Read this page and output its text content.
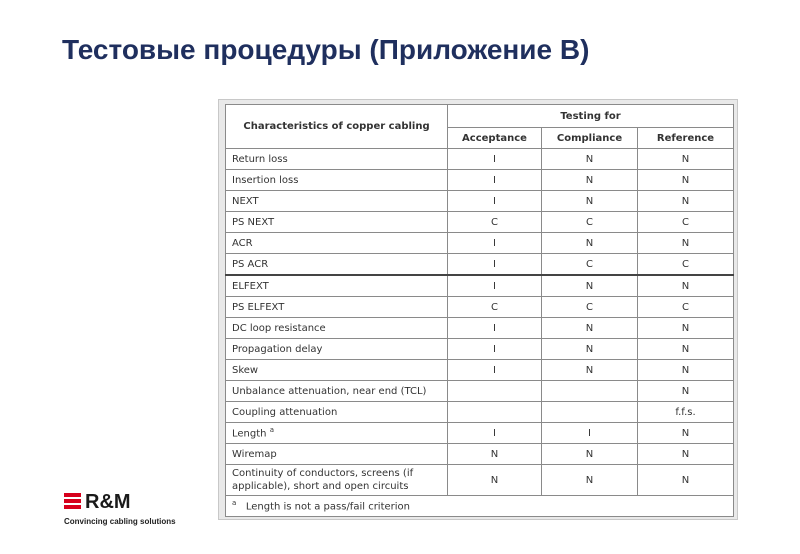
Тестовые процедуры (Приложение B)
Characteristics of copper cabling	Testing for		
	Acceptance	Compliance	Reference
Return loss	I	N	N
Insertion loss	I	N	N
NEXT	I	N	N
PS NEXT	C	C	C
ACR	I	N	N
PS ACR	I	C	C
ELFEXT	I	N	N
PS ELFEXT	C	C	C
DC loop resistance	I	N	N
Propagation delay	I	N	N
Skew	I	N	N
Unbalance attenuation, near end (TCL)			N
Coupling attenuation			f.f.s.
Length $^a$	I	I	N
Wiremap	N	N	N
Continuity of conductors, screens (if applicable), short and open circuits	N	N	N
$^a$ Length is not a pass/fail criterion			
R&M
Convincing cabling solutions
